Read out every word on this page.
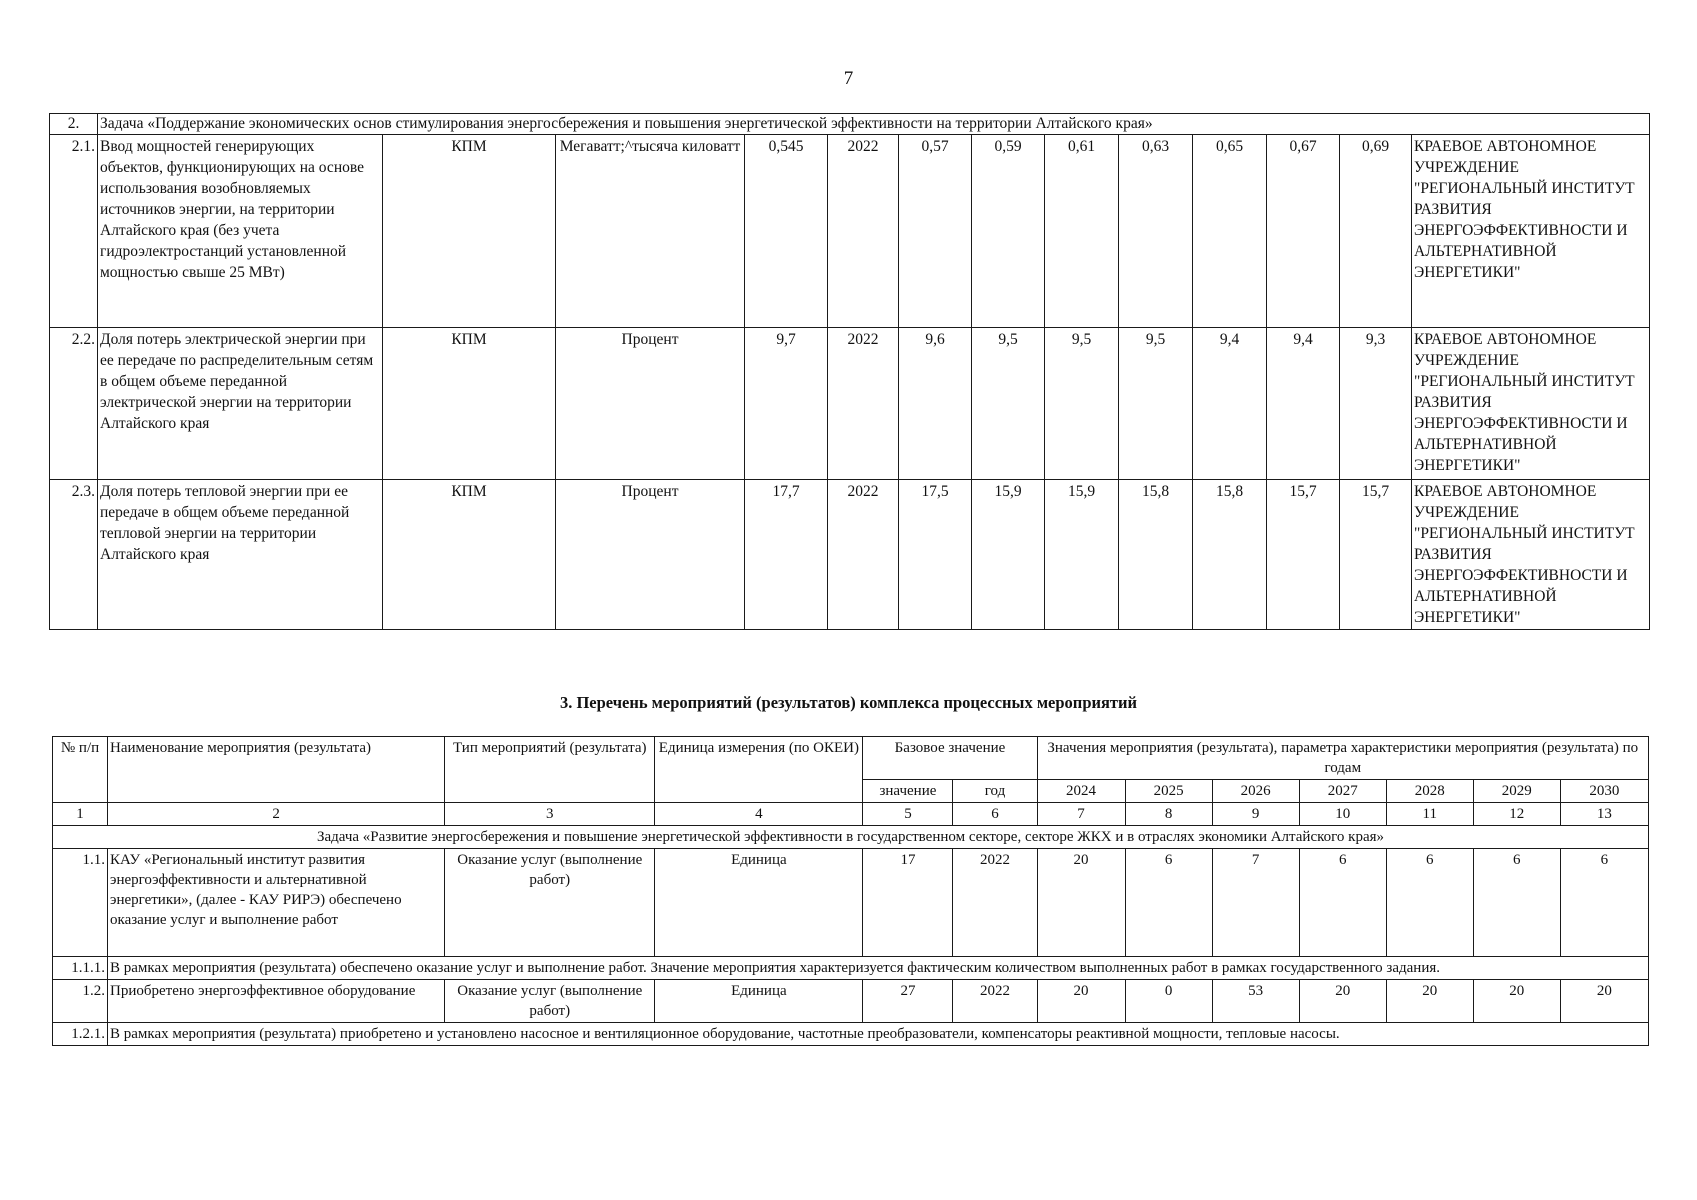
7
2.	Задача «Поддержание экономических основ стимулирования энергосбережения и повышения энергетической эффективности на территории Алтайского края»												
2.1.	Ввод мощностей генерирующих объектов, функционирующих на основе использования возобновляемых источников энергии, на территории Алтайского края (без учета гидроэлектростанций установленной мощностью свыше 25 МВт)	КПМ	Мегаватт;^тысяча киловатт	0,545	2022	0,57	0,59	0,61	0,63	0,65	0,67	0,69	КРАЕВОЕ АВТОНОМНОЕ УЧРЕЖДЕНИЕ "РЕГИОНАЛЬНЫЙ ИНСТИТУТ РАЗВИТИЯ ЭНЕРГОЭФФЕКТИВНОСТИ И АЛЬТЕРНАТИВНОЙ ЭНЕРГЕТИКИ"
2.2.	Доля потерь электрической энергии при ее передаче по распределительным сетям в общем объеме переданной электрической энергии на территории Алтайского края	КПМ	Процент	9,7	2022	9,6	9,5	9,5	9,5	9,4	9,4	9,3	КРАЕВОЕ АВТОНОМНОЕ УЧРЕЖДЕНИЕ "РЕГИОНАЛЬНЫЙ ИНСТИТУТ РАЗВИТИЯ ЭНЕРГОЭФФЕКТИВНОСТИ И АЛЬТЕРНАТИВНОЙ ЭНЕРГЕТИКИ"
2.3.	Доля потерь тепловой энергии при ее передаче в общем объеме переданной тепловой энергии на территории Алтайского края	КПМ	Процент	17,7	2022	17,5	15,9	15,9	15,8	15,8	15,7	15,7	КРАЕВОЕ АВТОНОМНОЕ УЧРЕЖДЕНИЕ "РЕГИОНАЛЬНЫЙ ИНСТИТУТ РАЗВИТИЯ ЭНЕРГОЭФФЕКТИВНОСТИ И АЛЬТЕРНАТИВНОЙ ЭНЕРГЕТИКИ"
3. Перечень мероприятий (результатов) комплекса процессных мероприятий
№ п/п	Наименование мероприятия (результата)	Тип мероприятий (результата)	Единица измерения (по ОКЕИ)	Базовое значение		Значения мероприятия (результата), параметра характеристики мероприятия (результата) по годам						
				значение	год	2024	2025	2026	2027	2028	2029	2030
1	2	3	4	5	6	7	8	9	10	11	12	13

Задача «Развитие энергосбережения и повышение энергетической эффективности в государственном секторе, секторе ЖКХ и в отраслях экономики Алтайского края»												

1.1.	КАУ «Региональный институт развития энергоэффективности и альтернативной энергетики», (далее - КАУ РИРЭ) обеспечено оказание услуг и выполнение работ	Оказание услуг (выполнение работ)	Единица	17	2022	20	6	7	6	6	6	6
1.1.1.	В рамках мероприятия (результата) обеспечено оказание услуг и выполнение работ. Значение мероприятия характеризуется фактическим количеством выполненных работ в рамках государственного задания.											
1.2.	Приобретено энергоэффективное оборудование	Оказание услуг (выполнение работ)	Единица	27	2022	20	0	53	20	20	20	20
1.2.1.	В рамках мероприятия (результата) приобретено и установлено насосное и вентиляционное оборудование, частотные преобразователи, компенсаторы реактивной мощности, тепловые насосы.											
